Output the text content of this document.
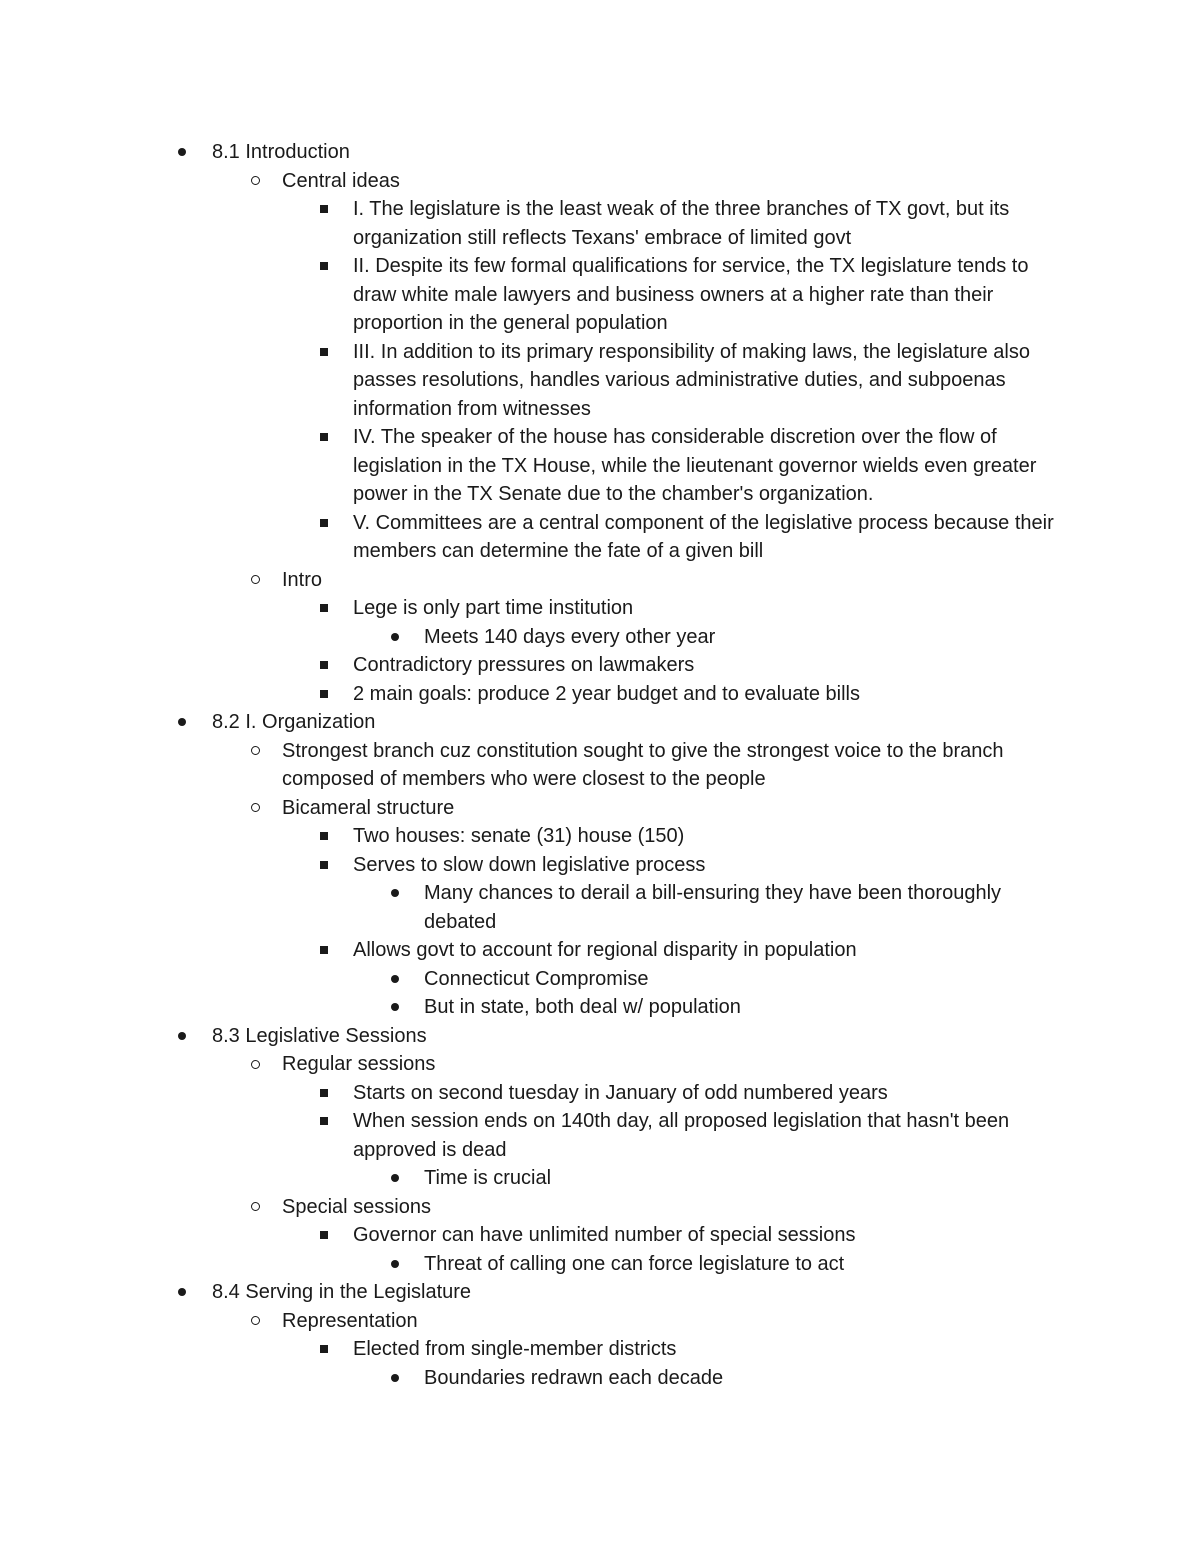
8.1 Introduction
Central ideas
I. The legislature is the least weak of the three branches of TX govt, but its organization still reflects Texans' embrace of limited govt
II. Despite its few formal qualifications for service, the TX legislature tends to draw white male lawyers and business owners at a higher rate than their proportion in the general population
III. In addition to its primary responsibility of making laws, the legislature also passes resolutions, handles various administrative duties, and subpoenas information from witnesses
IV. The speaker of the house has considerable discretion over the flow of legislation in the TX House, while the lieutenant governor wields even greater power in the TX Senate due to the chamber's organization.
V. Committees are a central component of the legislative process because their members can determine the fate of a given bill
Intro
Lege is only part time institution
Meets 140 days every other year
Contradictory pressures on lawmakers
2 main goals: produce 2 year budget and to evaluate bills
8.2 I. Organization
Strongest branch cuz constitution sought to give the strongest voice to the branch composed of members who were closest to the people
Bicameral structure
Two houses: senate (31) house (150)
Serves to slow down legislative process
Many chances to derail a bill-ensuring they have been thoroughly debated
Allows govt to account for regional disparity in population
Connecticut Compromise
But in state, both deal w/ population
8.3 Legislative Sessions
Regular sessions
Starts on second tuesday in January of odd numbered years
When session ends on 140th day, all proposed legislation that hasn't been approved is dead
Time is crucial
Special sessions
Governor can have unlimited number of special sessions
Threat of calling one can force legislature to act
8.4 Serving in the Legislature
Representation
Elected from single-member districts
Boundaries redrawn each decade
